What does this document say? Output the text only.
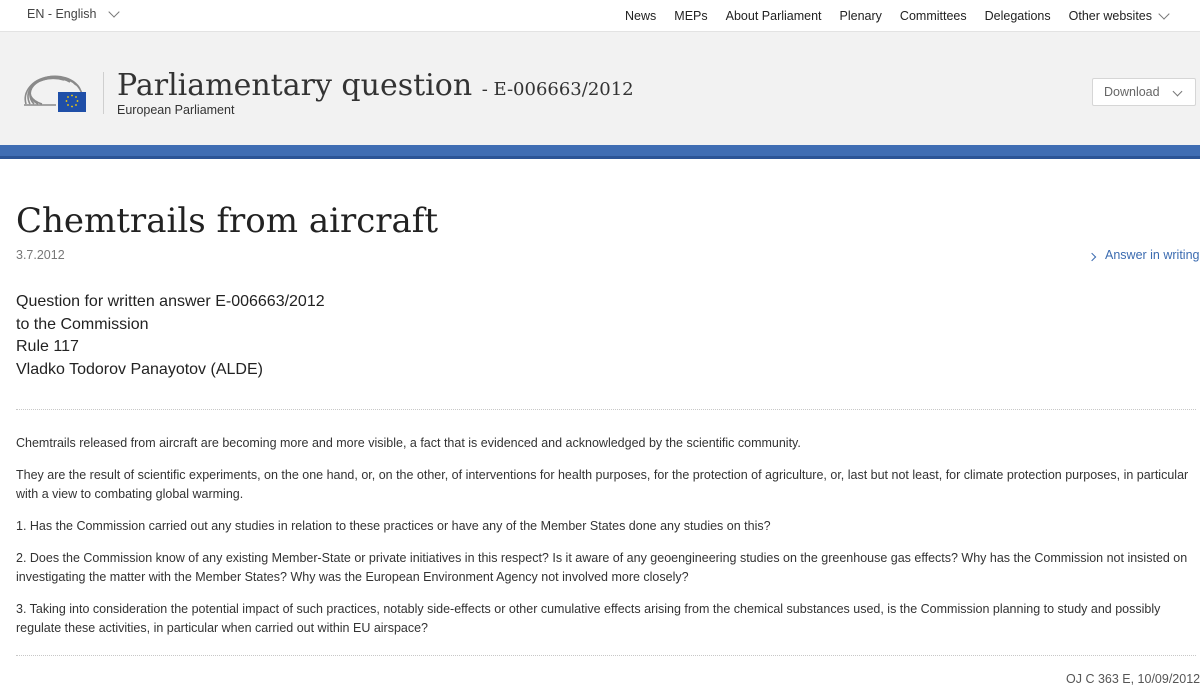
EN - English	News MEPs About Parliament Plenary Committees Delegations Other websites
Parliamentary question - E-006663/2012
European Parliament
Download
Chemtrails from aircraft
3.7.2012	Answer in writing
Question for written answer E-006663/2012
to the Commission
Rule 117
Vladko Todorov Panayotov (ALDE)

Chemtrails released from aircraft are becoming more and more visible, a fact that is evidenced and acknowledged by the scientific community.

They are the result of scientific experiments, on the one hand, or, on the other, of interventions for health purposes, for the protection of agriculture, or, last but not least, for climate protection purposes, in particular with a view to combating global warming.

1. Has the Commission carried out any studies in relation to these practices or have any of the Member States done any studies on this?

2. Does the Commission know of any existing Member-State or private initiatives in this respect? Is it aware of any geoengineering studies on the greenhouse gas effects? Why has the Commission not insisted on investigating the matter with the Member States? Why was the European Environment Agency not involved more closely?

3. Taking into consideration the potential impact of such practices, notably side-effects or other cumulative effects arising from the chemical substances used, is the Commission planning to study and possibly regulate these activities, in particular when carried out within EU airspace?

OJ C 363 E, 10/09/2012
